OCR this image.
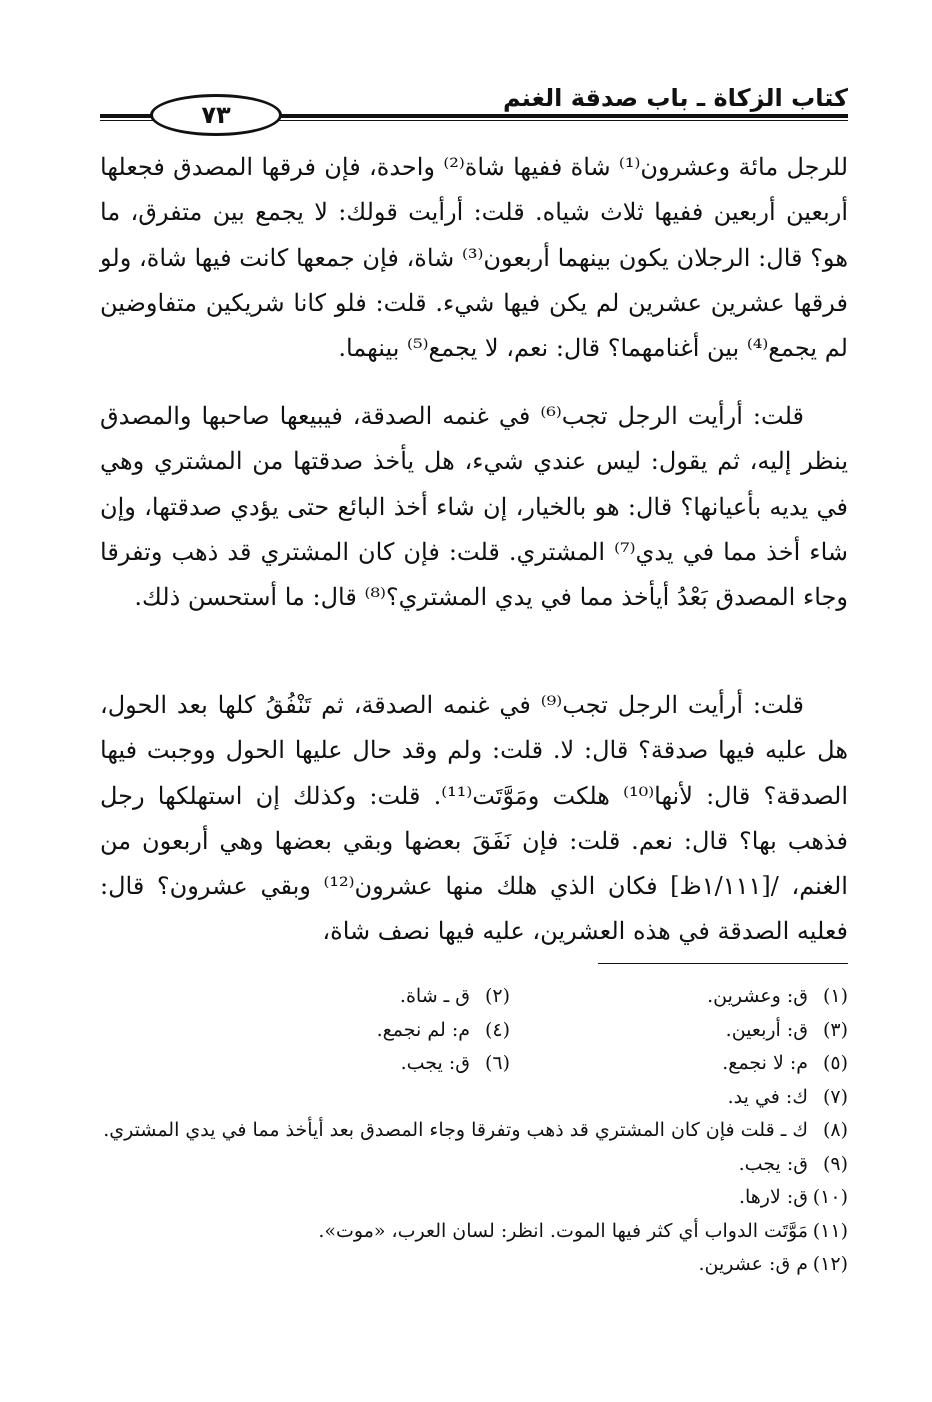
٧٣
كتاب الزكاة ـ باب صدقة الغنم

للرجل مائة وعشرون⁽¹⁾ شاة ففيها شاة⁽²⁾ واحدة، فإن فرقها المصدق فجعلها أربعين أربعين ففيها ثلاث شياه. قلت: أرأيت قولك: لا يجمع بين متفرق، ما هو؟ قال: الرجلان يكون بينهما أربعون⁽³⁾ شاة، فإن جمعها كانت فيها شاة، ولو فرقها عشرين عشرين لم يكن فيها شيء. قلت: فلو كانا شريكين متفاوضين لم يجمع⁽⁴⁾ بين أغنامهما؟ قال: نعم، لا يجمع⁽⁵⁾ بينهما.

قلت: أرأيت الرجل تجب⁽⁶⁾ في غنمه الصدقة، فيبيعها صاحبها والمصدق ينظر إليه، ثم يقول: ليس عندي شيء، هل يأخذ صدقتها من المشتري وهي في يديه بأعيانها؟ قال: هو بالخيار، إن شاء أخذ البائع حتى يؤدي صدقتها، وإن شاء أخذ مما في يدي⁽⁷⁾ المشتري. قلت: فإن كان المشتري قد ذهب وتفرقا وجاء المصدق بَعْدُ أيأخذ مما في يدي المشتري؟⁽⁸⁾ قال: ما أستحسن ذلك.

قلت: أرأيت الرجل تجب⁽⁹⁾ في غنمه الصدقة، ثم تَنْفُقُ كلها بعد الحول، هل عليه فيها صدقة؟ قال: لا. قلت: ولم وقد حال عليها الحول ووجبت فيها الصدقة؟ قال: لأنها⁽¹⁰⁾ هلكت ومَوَّتَت⁽¹¹⁾. قلت: وكذلك إن استهلكها رجل فذهب بها؟ قال: نعم. قلت: فإن نَفَقَ بعضها وبقي بعضها وهي أربعون من الغنم، /[١/١١١ظ] فكان الذي هلك منها عشرون⁽¹²⁾ وبقي عشرون؟ قال: فعليه الصدقة في هذه العشرين، عليه فيها نصف شاة،

(١)
ق: وعشرين.
(٣)
ق: أربعين.
(٥)
م: لا نجمع.
(٧)
ك: في يد.
(٢)
ق ـ شاة.
(٤)
م: لم نجمع.
(٦)
ق: يجب.
(٨)
ك ـ قلت فإن كان المشتري قد ذهب وتفرقا وجاء المصدق بعد أيأخذ مما في يدي المشتري.
(٩)
ق: يجب.
(١٠)
ق: لارها.
(١١)
مَوَّتَت الدواب أي كثر فيها الموت. انظر: لسان العرب، «موت».
(١٢)
م ق: عشرين.
